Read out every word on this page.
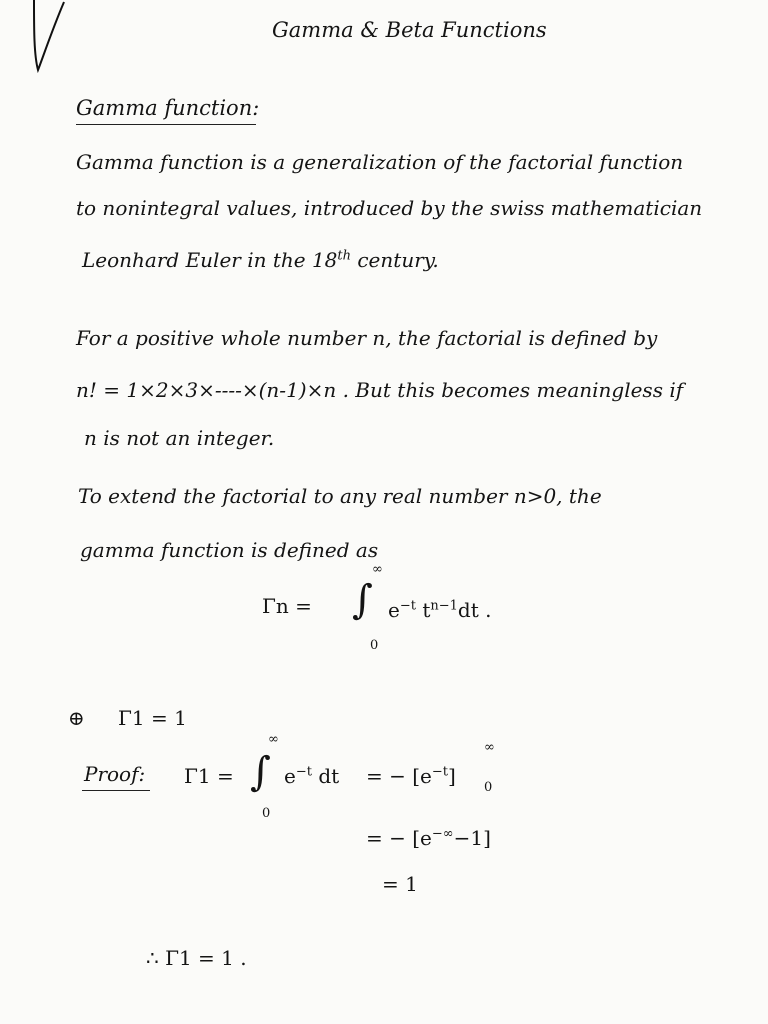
Gamma & Beta Functions
Gamma function:
Gamma function is a generalization of the factorial function
to nonintegral values, introduced by the swiss mathematician
Leonhard Euler in the 18th century.
For a positive whole number n, the factorial is defined by
n! = 1×2×3×----×(n-1)×n . But this becomes meaningless if
n is not an integer.
To extend the factorial to any real number n>0, the
gamma function is defined as
Γn = ∫
∞
0
$e^{-t}$ $t^{n-1}dt$ .
⊕ Γ1 = 1
Proof: Γ1 = ∫
∞
0
$e^{-t}$ dt = − $[e^{-t}]$
∞
0
= − [e−∞−1]
= 1
∴ Γ1 = 1 .
